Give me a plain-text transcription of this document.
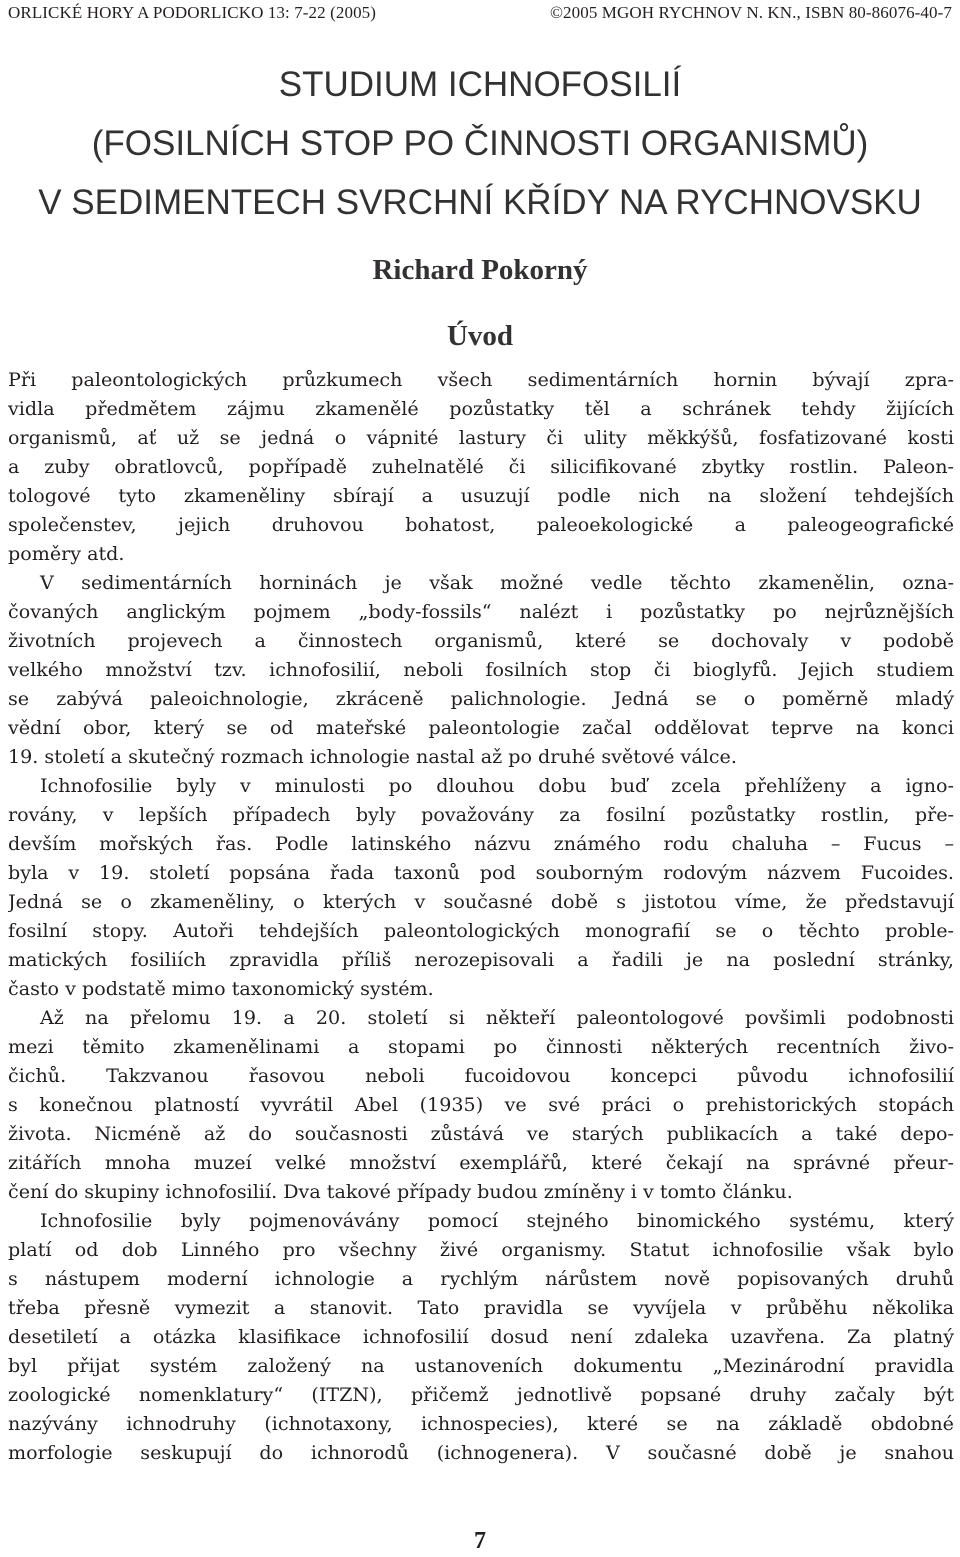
ORLICKÉ HORY A PODORLICKO 13: 7-22 (2005)	©2005 MGOH RYCHNOV N. KN., ISBN 80-86076-40-7
STUDIUM ICHNOFOSILIÍ
(FOSILNÍCH STOP PO ČINNOSTI ORGANISMŮ)
V SEDIMENTECH SVRCHNÍ KŘÍDY NA RYCHNOVSKU
Richard Pokorný
Úvod
Při paleontologických průzkumech všech sedimentárních hornin bývají zpra-
vidla předmětem zájmu zkamenělé pozůstatky těl a schránek tehdy žijících
organismů, ať už se jedná o vápnité lastury či ulity měkkýšů, fosfatizované kosti
a zuby obratlovců, popřípadě zuhelnatělé či silicifikované zbytky rostlin. Paleon-
tologové tyto zkameněliny sbírají a usuzují podle nich na složení tehdejších
společenstev, jejich druhovou bohatost, paleoekologické a paleogeografické
poměry atd.
V sedimentárních horninách je však možné vedle těchto zkamenělin, ozna-
čovaných anglickým pojmem „body-fossils“ nalézt i pozůstatky po nejrůznějších
životních projevech a činnostech organismů, které se dochovaly v podobě
velkého množství tzv. ichnofosilií, neboli fosilních stop či bioglyfů. Jejich studiem
se zabývá paleoichnologie, zkráceně palichnologie. Jedná se o poměrně mladý
vědní obor, který se od mateřské paleontologie začal oddělovat teprve na konci
19. století a skutečný rozmach ichnologie nastal až po druhé světové válce.
Ichnofosilie byly v minulosti po dlouhou dobu buď zcela přehlíženy a igno-
rovány, v lepších případech byly považovány za fosilní pozůstatky rostlin, pře-
devším mořských řas. Podle latinského názvu známého rodu chaluha – Fucus –
byla v 19. století popsána řada taxonů pod souborným rodovým názvem Fucoides.
Jedná se o zkameněliny, o kterých v současné době s jistotou víme, že představují
fosilní stopy. Autoři tehdejších paleontologických monografií se o těchto proble-
matických fosiliích zpravidla příliš nerozepisovali a řadili je na poslední stránky,
často v podstatě mimo taxonomický systém.
Až na přelomu 19. a 20. století si někteří paleontologové povšimli podobnosti
mezi těmito zkamenělinami a stopami po činnosti některých recentních živo-
čichů. Takzvanou řasovou neboli fucoidovou koncepci původu ichnofosilií
s konečnou platností vyvrátil Abel (1935) ve své práci o prehistorických stopách
života. Nicméně až do současnosti zůstává ve starých publikacích a také depo-
zitářích mnoha muzeí velké množství exemplářů, které čekají na správné přeur-
čení do skupiny ichnofosilií. Dva takové případy budou zmíněny i v tomto článku.
Ichnofosilie byly pojmenovávány pomocí stejného binomického systému, který
platí od dob Linného pro všechny živé organismy. Statut ichnofosilie však bylo
s nástupem moderní ichnologie a rychlým nárůstem nově popisovaných druhů
třeba přesně vymezit a stanovit. Tato pravidla se vyvíjela v průběhu několika
desetiletí a otázka klasifikace ichnofosilií dosud není zdaleka uzavřena. Za platný
byl přijat systém založený na ustanoveních dokumentu „Mezinárodní pravidla
zoologické nomenklatury“ (ITZN), přičemž jednotlivě popsané druhy začaly být
nazývány ichnodruhy (ichnotaxony, ichnospecies), které se na základě obdobné
morfologie seskupují do ichnorodů (ichnogenera). V současné době je snahou
7
